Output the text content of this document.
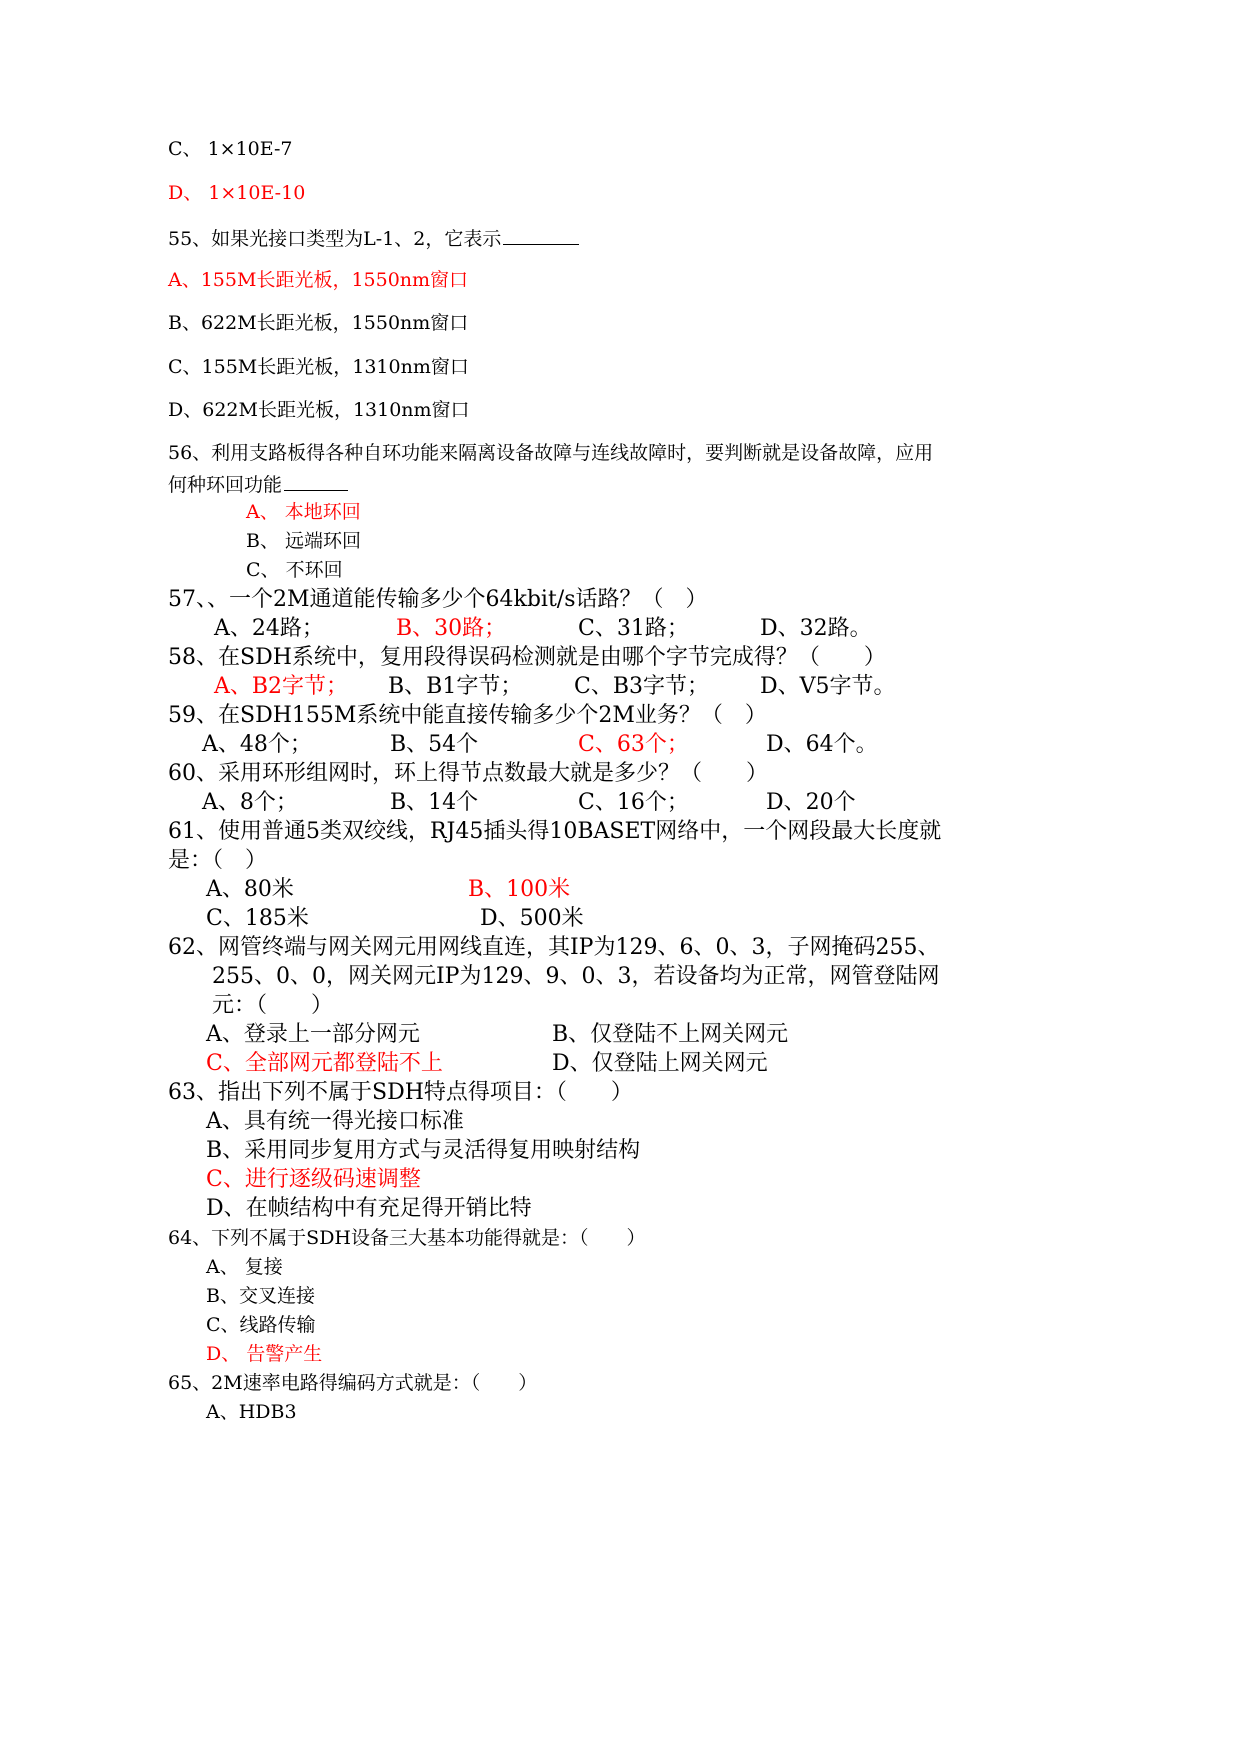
C、 1×10E-7
D、 1×10E-10
55、如果光接口类型为L-1、2，它表示
A、155M长距光板，1550nm窗口
B、622M长距光板，1550nm窗口
C、155M长距光板，1310nm窗口
D、622M长距光板，1310nm窗口
56、利用支路板得各种自环功能来隔离设备故障与连线故障时，要判断就是设备故障，应用
何种环回功能
A、 本地环回
B、 远端环回
C、 不环回
57、、一个2M通道能传输多少个64kbit/s话路？（　）
A、24路；	B、30路；	C、31路；	D、32路。
58、在SDH系统中，复用段得误码检测就是由哪个字节完成得？（　　）
A、B2字节； B、B1字节； C、B3字节； D、V5字节。
59、在SDH155M系统中能直接传输多少个2M业务？（　）
A、48个；	B、54个	C、63个；	D、64个。
60、采用环形组网时，环上得节点数最大就是多少？（　　）
A、8个；	B、14个	C、16个；	D、20个
61、使用普通5类双绞线，RJ45插头得10BASET网络中，一个网段最大长度就
是：（　）
A、80米	B、100米
C、185米	D、500米
62、网管终端与网关网元用网线直连，其IP为129、6、0、3，子网掩码255、
255、0、0，网关网元IP为129、9、0、3，若设备均为正常，网管登陆网
元：（　　）
A、登录上一部分网元	B、仅登陆不上网关网元
C、全部网元都登陆不上	D、仅登陆上网关网元
63、指出下列不属于SDH特点得项目：（　　）
A、具有统一得光接口标准
B、采用同步复用方式与灵活得复用映射结构
C、进行逐级码速调整
D、在帧结构中有充足得开销比特
64、下列不属于SDH设备三大基本功能得就是：（　　）
A、 复接
B、交叉连接
C、线路传输
D、 告警产生
65、2M速率电路得编码方式就是：（　　）
A、HDB3
